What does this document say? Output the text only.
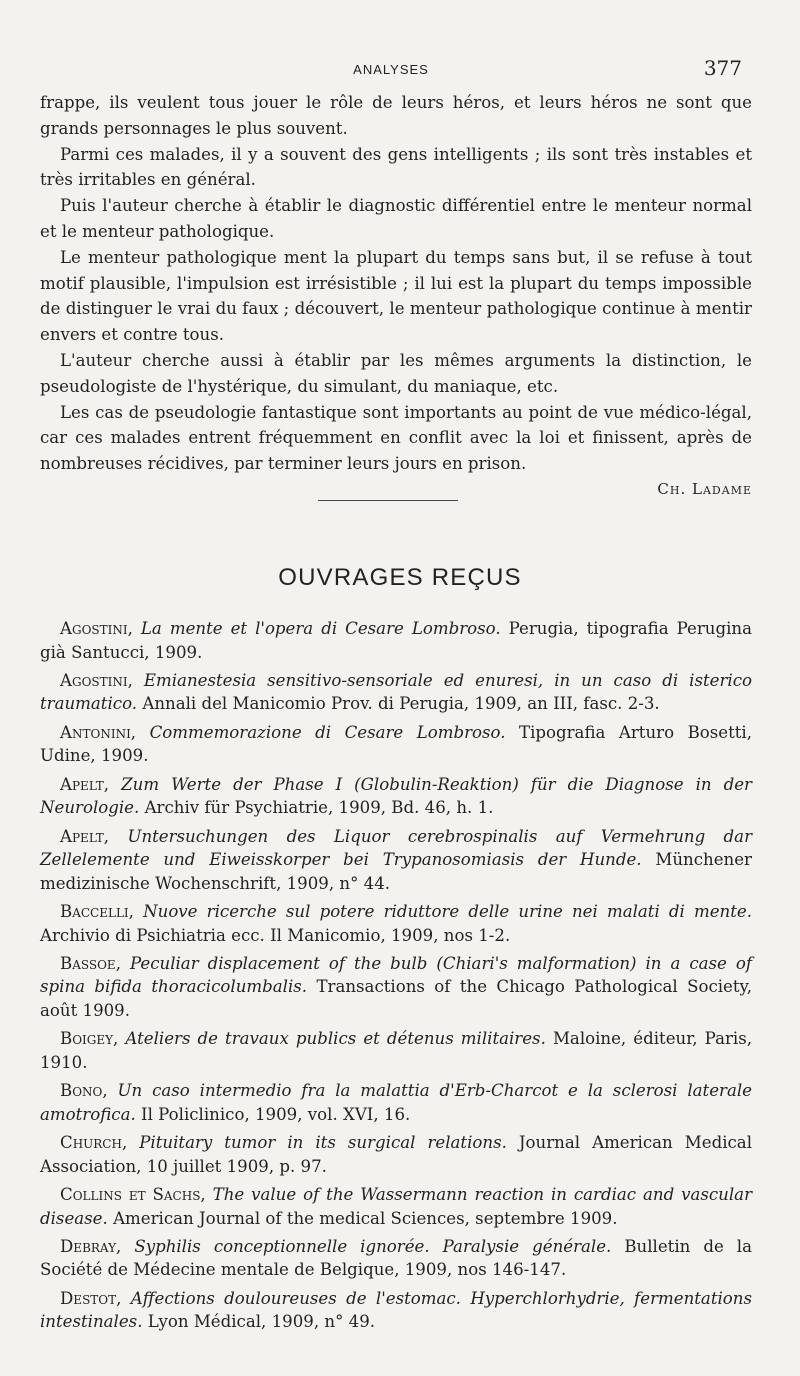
ANALYSES	377

frappe, ils veulent tous jouer le rôle de leurs héros, et leurs héros ne sont que grands personnages le plus souvent.

Parmi ces malades, il y a souvent des gens intelligents ; ils sont très instables et très irritables en général.

Puis l'auteur cherche à établir le diagnostic différentiel entre le menteur normal et le menteur pathologique.

Le menteur pathologique ment la plupart du temps sans but, il se refuse à tout motif plausible, l'impulsion est irrésistible ; il lui est la plupart du temps impossible de distinguer le vrai du faux ; découvert, le menteur pathologique continue à mentir envers et contre tous.

L'auteur cherche aussi à établir par les mêmes arguments la distinction, le pseudologiste de l'hystérique, du simulant, du maniaque, etc.

Les cas de pseudologie fantastique sont importants au point de vue médico-légal, car ces malades entrent fréquemment en conflit avec la loi et finissent, après de nombreuses récidives, par terminer leurs jours en prison.

Ch. Ladame
OUVRAGES REÇUS

Agostini, La mente et l'opera di Cesare Lombroso. Perugia, tipografia Perugina già Santucci, 1909.

Agostini, Emianestesia sensitivo-sensoriale ed enuresi, in un caso di isterico traumatico. Annali del Manicomio Prov. di Perugia, 1909, an III, fasc. 2-3.

Antonini, Commemorazione di Cesare Lombroso. Tipografia Arturo Bosetti, Udine, 1909.

Apelt, Zum Werte der Phase I (Globulin-Reaktion) für die Diagnose in der Neurologie. Archiv für Psychiatrie, 1909, Bd. 46, h. 1.

Apelt, Untersuchungen des Liquor cerebrospinalis auf Vermehrung dar Zellelemente und Eiweisskorper bei Trypanosomiasis der Hunde. Münchener medizinische Wochenschrift, 1909, n° 44.

Baccelli, Nuove ricerche sul potere riduttore delle urine nei malati di mente. Archivio di Psichiatria ecc. Il Manicomio, 1909, nos 1-2.

Bassoe, Peculiar displacement of the bulb (Chiari's malformation) in a case of spina bifida thoracicolumbalis. Transactions of the Chicago Pathological Society, août 1909.

Boigey, Ateliers de travaux publics et détenus militaires. Maloine, éditeur, Paris, 1910.

Bono, Un caso intermedio fra la malattia d'Erb-Charcot e la sclerosi laterale amotrofica. Il Policlinico, 1909, vol. XVI, 16.

Church, Pituitary tumor in its surgical relations. Journal American Medical Association, 10 juillet 1909, p. 97.

Collins et Sachs, The value of the Wassermann reaction in cardiac and vascular disease. American Journal of the medical Sciences, septembre 1909.

Debray, Syphilis conceptionnelle ignorée. Paralysie générale. Bulletin de la Société de Médecine mentale de Belgique, 1909, nos 146-147.

Destot, Affections douloureuses de l'estomac. Hyperchlorhydrie, fermentations intestinales. Lyon Médical, 1909, n° 49.
